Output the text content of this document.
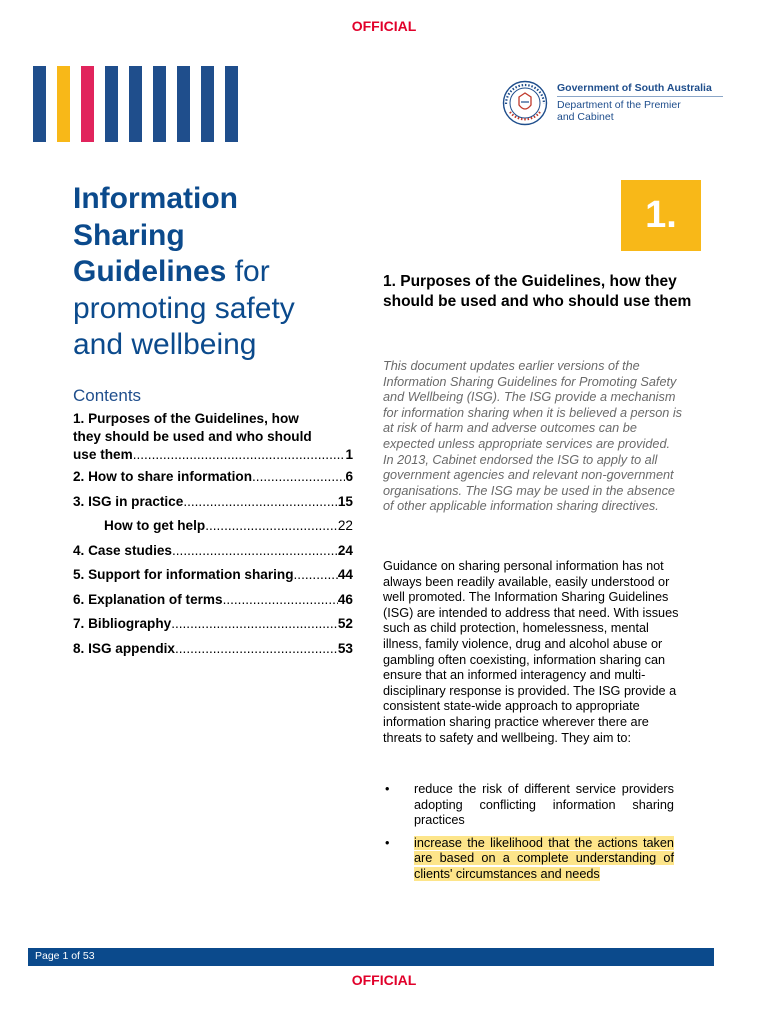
OFFICIAL
Government of South Australia
Department of the Premier
and Cabinet
Information
Sharing
Guidelines for promoting safety and wellbeing
Contents
1. Purposes of the Guidelines, how
they should be used and who should
use them .....	1
2. How to share information .....	6
3. ISG in practice .....	15
How to get help .....	22
4. Case studies .....	24
5. Support for information sharing .....	44
6. Explanation of terms .....	46
7. Bibliography .....	52
8. ISG appendix .....	53
1.
1. Purposes of the Guidelines, how they should be used and who should use them

This document updates earlier versions of the Information Sharing Guidelines for Promoting Safety and Wellbeing (ISG). The ISG provide a mechanism for information sharing when it is believed a person is at risk of harm and adverse outcomes can be expected unless appropriate services are provided. In 2013, Cabinet endorsed the ISG to apply to all government agencies and relevant non-government organisations. The ISG may be used in the absence of other applicable information sharing directives.

Guidance on sharing personal information has not always been readily available, easily understood or well promoted. The Information Sharing Guidelines (ISG) are intended to address that need. With issues such as child protection, homelessness, mental illness, family violence, drug and alcohol abuse or gambling often coexisting, information sharing can ensure that an informed interagency and multi-disciplinary response is provided. The ISG provide a consistent state-wide approach to appropriate information sharing practice wherever there are threats to safety and wellbeing. They aim to:

• reduce the risk of different service providers adopting conflicting information sharing practices
• increase the likelihood that the actions taken are based on a complete understanding of clients' circumstances and needs
Page 1 of 53
OFFICIAL
